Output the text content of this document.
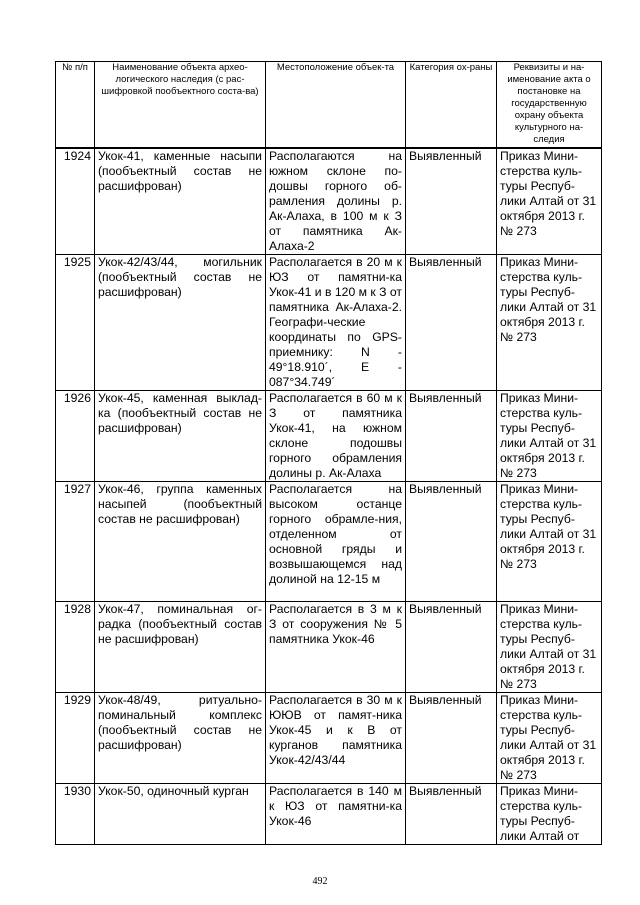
№ п/п	Наименование объекта архео-логического наследия (с рас-шифровкой пообъектного соста-ва)	Местоположение объек-та	Категория ох-раны	Реквизиты и на-именование акта о постановке на государственную охрану объекта культурного на-следия
1924	Укок-41, каменные насыпи (пообъектный состав не расшифрован)	Располагаются на южном склоне по-дошвы горного об-рамления долины р. Ак-Алаха, в 100 м к З от памятника Ак-Алаха-2	Выявленный	Приказ Мини-стерства куль-туры Респуб-лики Алтай от 31 октября 2013 г. № 273
1925	Укок-42/43/44, могильник (пообъектный состав не расшифрован)	Располагается в 20 м к ЮЗ от памятни-ка Укок-41 и в 120 м к З от памятника Ак-Алаха-2. Географи-ческие координаты по GPS-приемнику: N - 49°18.910´, E - 087°34.749´	Выявленный	Приказ Мини-стерства куль-туры Респуб-лики Алтай от 31 октября 2013 г. № 273
1926	Укок-45, каменная выклад-ка (пообъектный состав не расшифрован)	Располагается в 60 м к З от памятника Укок-41, на южном склоне подошвы горного обрамления долины р. Ак-Алаха	Выявленный	Приказ Мини-стерства куль-туры Респуб-лики Алтай от 31 октября 2013 г. № 273
1927	Укок-46, группа каменных насыпей (пообъектный состав не расшифрован)	Располагается на высоком останце горного обрамле-ния, отделенном от основной гряды и возвышающемся над долиной на 12-15 м	Выявленный	Приказ Мини-стерства куль-туры Респуб-лики Алтай от 31 октября 2013 г. № 273
1928	Укок-47, поминальная ог-радка (пообъектный состав не расшифрован)	Располагается в 3 м к З от сооружения № 5 памятника Укок-46	Выявленный	Приказ Мини-стерства куль-туры Респуб-лики Алтай от 31 октября 2013 г. № 273
1929	Укок-48/49, ритуально-поминальный комплекс (пообъектный состав не расшифрован)	Располагается в 30 м к ЮЮВ от памят-ника Укок-45 и к В от курганов памятника Укок-42/43/44	Выявленный	Приказ Мини-стерства куль-туры Респуб-лики Алтай от 31 октября 2013 г. № 273
1930	Укок-50, одиночный курган	Располагается в 140 м к ЮЗ от памятни-ка Укок-46	Выявленный	Приказ Мини-стерства куль-туры Респуб-лики Алтай от
492
